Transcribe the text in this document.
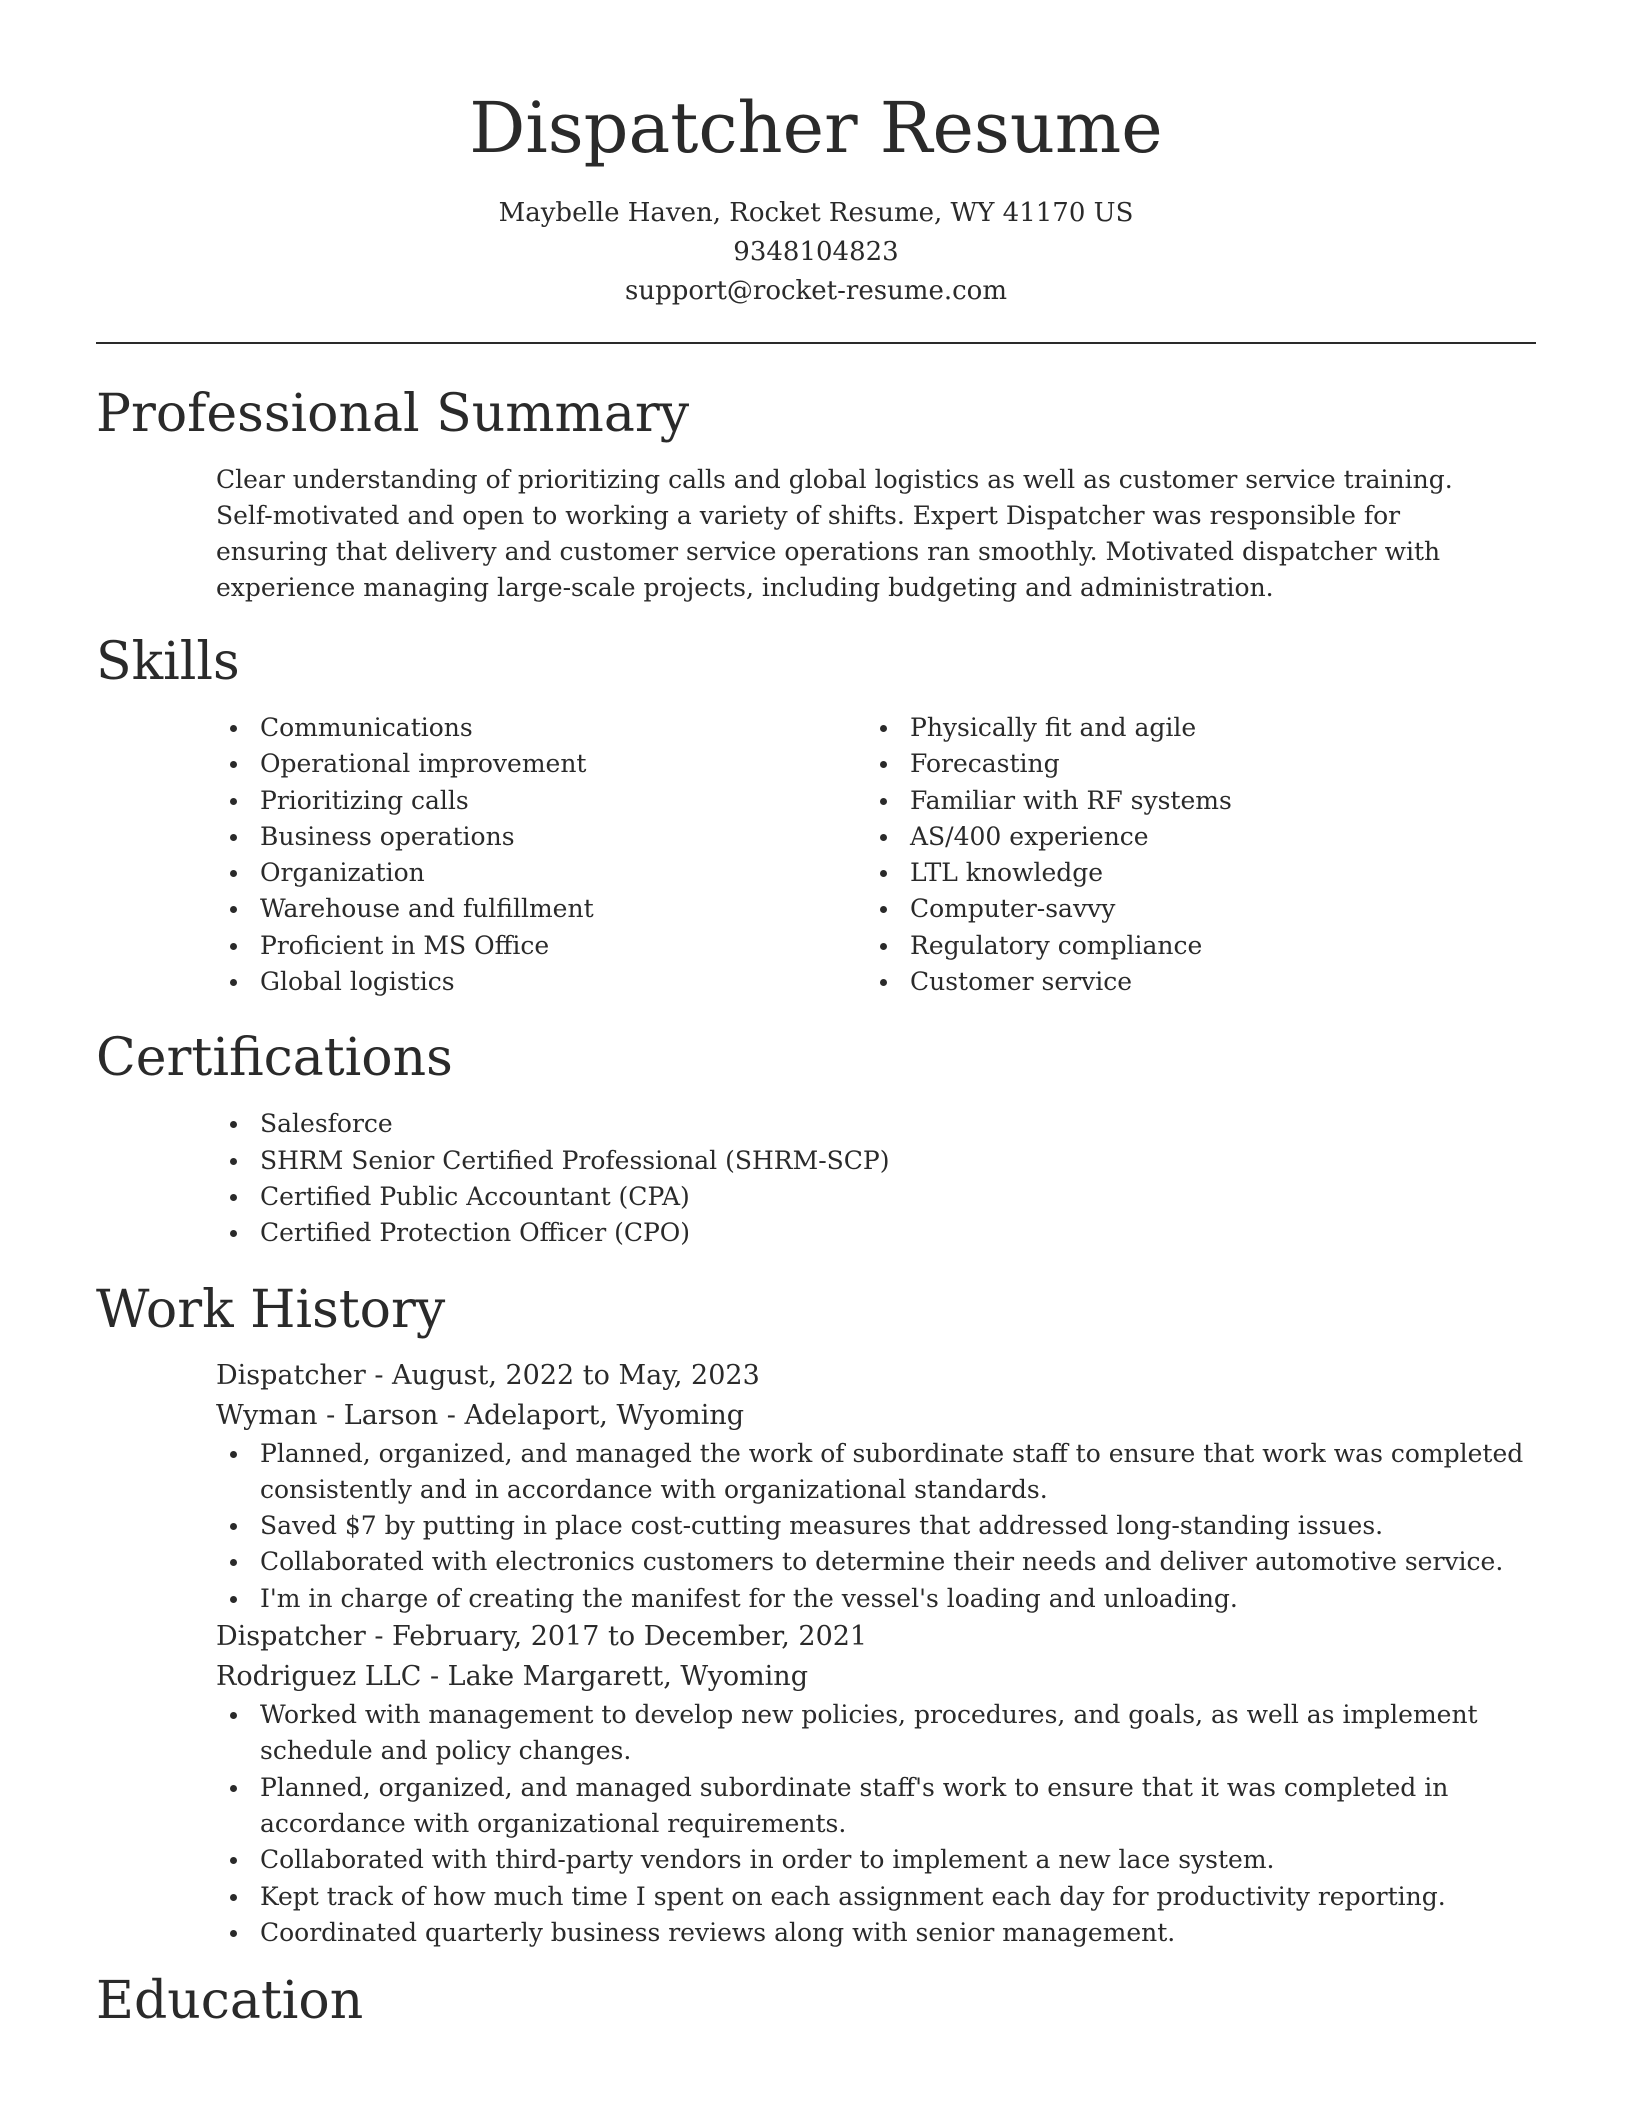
Dispatcher Resume
Maybelle Haven, Rocket Resume, WY 41170 US
9348104823
support@rocket-resume.com
Professional Summary

Clear understanding of prioritizing calls and global logistics as well as customer service training. Self-motivated and open to working a variety of shifts. Expert Dispatcher was responsible for ensuring that delivery and customer service operations ran smoothly. Motivated dispatcher with experience managing large-scale projects, including budgeting and administration.

Skills
Communications
Operational improvement
Prioritizing calls
Business operations
Organization
Warehouse and fulfillment
Proficient in MS Office
Global logistics
Physically fit and agile
Forecasting
Familiar with RF systems
AS/400 experience
LTL knowledge
Computer-savvy
Regulatory compliance
Customer service
Certifications
Salesforce
SHRM Senior Certified Professional (SHRM-SCP)
Certified Public Accountant (CPA)
Certified Protection Officer (CPO)
Work History
Dispatcher - August, 2022 to May, 2023
Wyman - Larson - Adelaport, Wyoming
Planned, organized, and managed the work of subordinate staff to ensure that work was completed consistently and in accordance with organizational standards.
Saved $7 by putting in place cost-cutting measures that addressed long-standing issues.
Collaborated with electronics customers to determine their needs and deliver automotive service.
I'm in charge of creating the manifest for the vessel's loading and unloading.
Dispatcher - February, 2017 to December, 2021
Rodriguez LLC - Lake Margarett, Wyoming
Worked with management to develop new policies, procedures, and goals, as well as implement schedule and policy changes.
Planned, organized, and managed subordinate staff's work to ensure that it was completed in accordance with organizational requirements.
Collaborated with third-party vendors in order to implement a new lace system.
Kept track of how much time I spent on each assignment each day for productivity reporting.
Coordinated quarterly business reviews along with senior management.
Education
